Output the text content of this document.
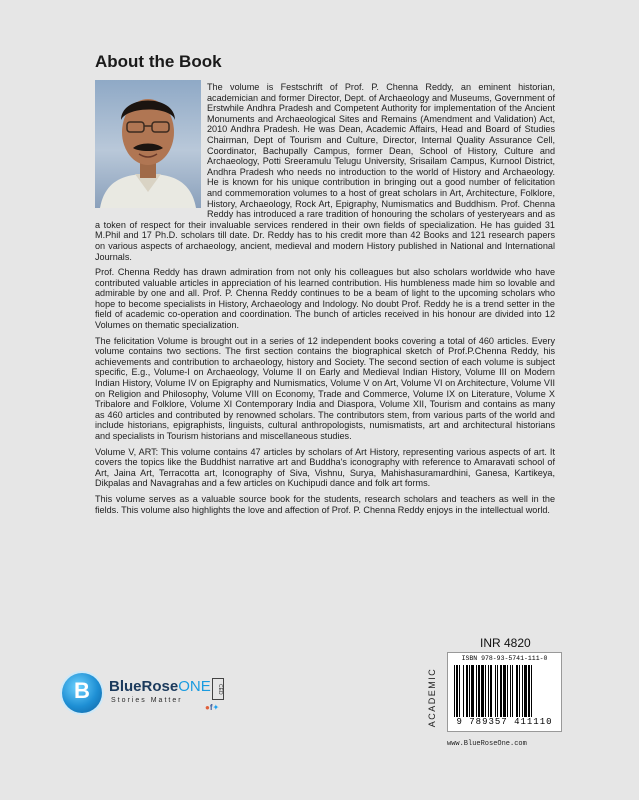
About the Book

The volume is Festschrift of Prof. P. Chenna Reddy, an eminent historian, academician and former Director, Dept. of Archaeology and Museums, Government of Erstwhile Andhra Pradesh and Competent Authority for implementation of the Ancient Monuments and Archaeological Sites and Remains (Amendment and Validation) Act, 2010 Andhra Pradesh. He was Dean, Academic Affairs, Head and Board of Studies Chairman, Dept of Tourism and Culture, Director, Internal Quality Assurance Cell, Coordinator, Bachupally Campus, former Dean, School of History, Culture and Archaeology, Potti Sreeramulu Telugu University, Srisailam Campus, Kurnool District, Andhra Pradesh who needs no introduction to the world of History and Archaeology. He is known for his unique contribution in bringing out a good number of felicitation and commemoration volumes to a host of great scholars in Art, Architecture, Folklore, History, Archaeology, Rock Art, Epigraphy, Numismatics and Buddhism. Prof. Chenna Reddy has introduced a rare tradition of honouring the scholars of yesteryears and as a token of respect for their invaluable services rendered in their own fields of specialization. He has guided 31 M.Phil and 17 Ph.D. scholars till date. Dr. Reddy has to his credit more than 42 Books and 121 research papers on various aspects of archaeology, ancient, medieval and modern History published in National and International Journals.

Prof. Chenna Reddy has drawn admiration from not only his colleagues but also scholars worldwide who have contributed valuable articles in appreciation of his learned contribution. His humbleness made him so lovable and admirable by one and all. Prof. P. Chenna Reddy continues to be a beam of light to the upcoming scholars who hope to become specialists in History, Archaeology and Indology. No doubt Prof. Reddy he is a trend setter in the field of academic co-operation and coordination. The bunch of articles received in his honour are divided into 12 Volumes on thematic specialization.

The felicitation Volume is brought out in a series of 12 independent books covering a total of 460 articles. Every volume contains two sections. The first section contains the biographical sketch of Prof.P.Chenna Reddy, his achievements and contribution to archaeology, history and Society. The second section of each volume is subject specific, E.g., Volume-I on Archaeology, Volume II on Early and Medieval Indian History, Volume III on Modern Indian History, Volume IV on Epigraphy and Numismatics, Volume V on Art, Volume VI on Architecture, Volume VII on Religion and Philosophy, Volume VIII on Economy, Trade and Commerce, Volume IX on Literature, Volume X Tribalore and Folklore, Volume XI Contemporary India and Diaspora, Volume XII, Tourism and contains as many as 460 articles and contributed by renowned scholars. The contributors stem, from various parts of the world and include historians, epigraphists, linguists, cultural anthropologists, numismatists, art and architectural historians and specialists in Tourism historians and miscellaneous studies.

Volume V, ART: This volume contains 47 articles by scholars of Art History, representing various aspects of art. It covers the topics like the Buddhist narrative art and Buddha's iconography with reference to Amaravati school of Art, Jaina Art, Terracotta art, Iconography of Siva, Vishnu, Surya, Mahishasuramardhini, Ganesa, Kartikeya, Dikpalas and Navagrahas and a few articles on Kuchipudi dance and folk art forms.

This volume serves as a valuable source book for the students, research scholars and teachers as well in the fields. This volume also highlights the love and affection of Prof. P. Chenna Reddy enjoys in the intellectual world.

B	BlueRoseONE
Stories Matter
CED
●f✦
INR 4820
ACADEMIC
ISBN 978-93-5741-111-0
9 789357 411110
www.BlueRoseOne.com
